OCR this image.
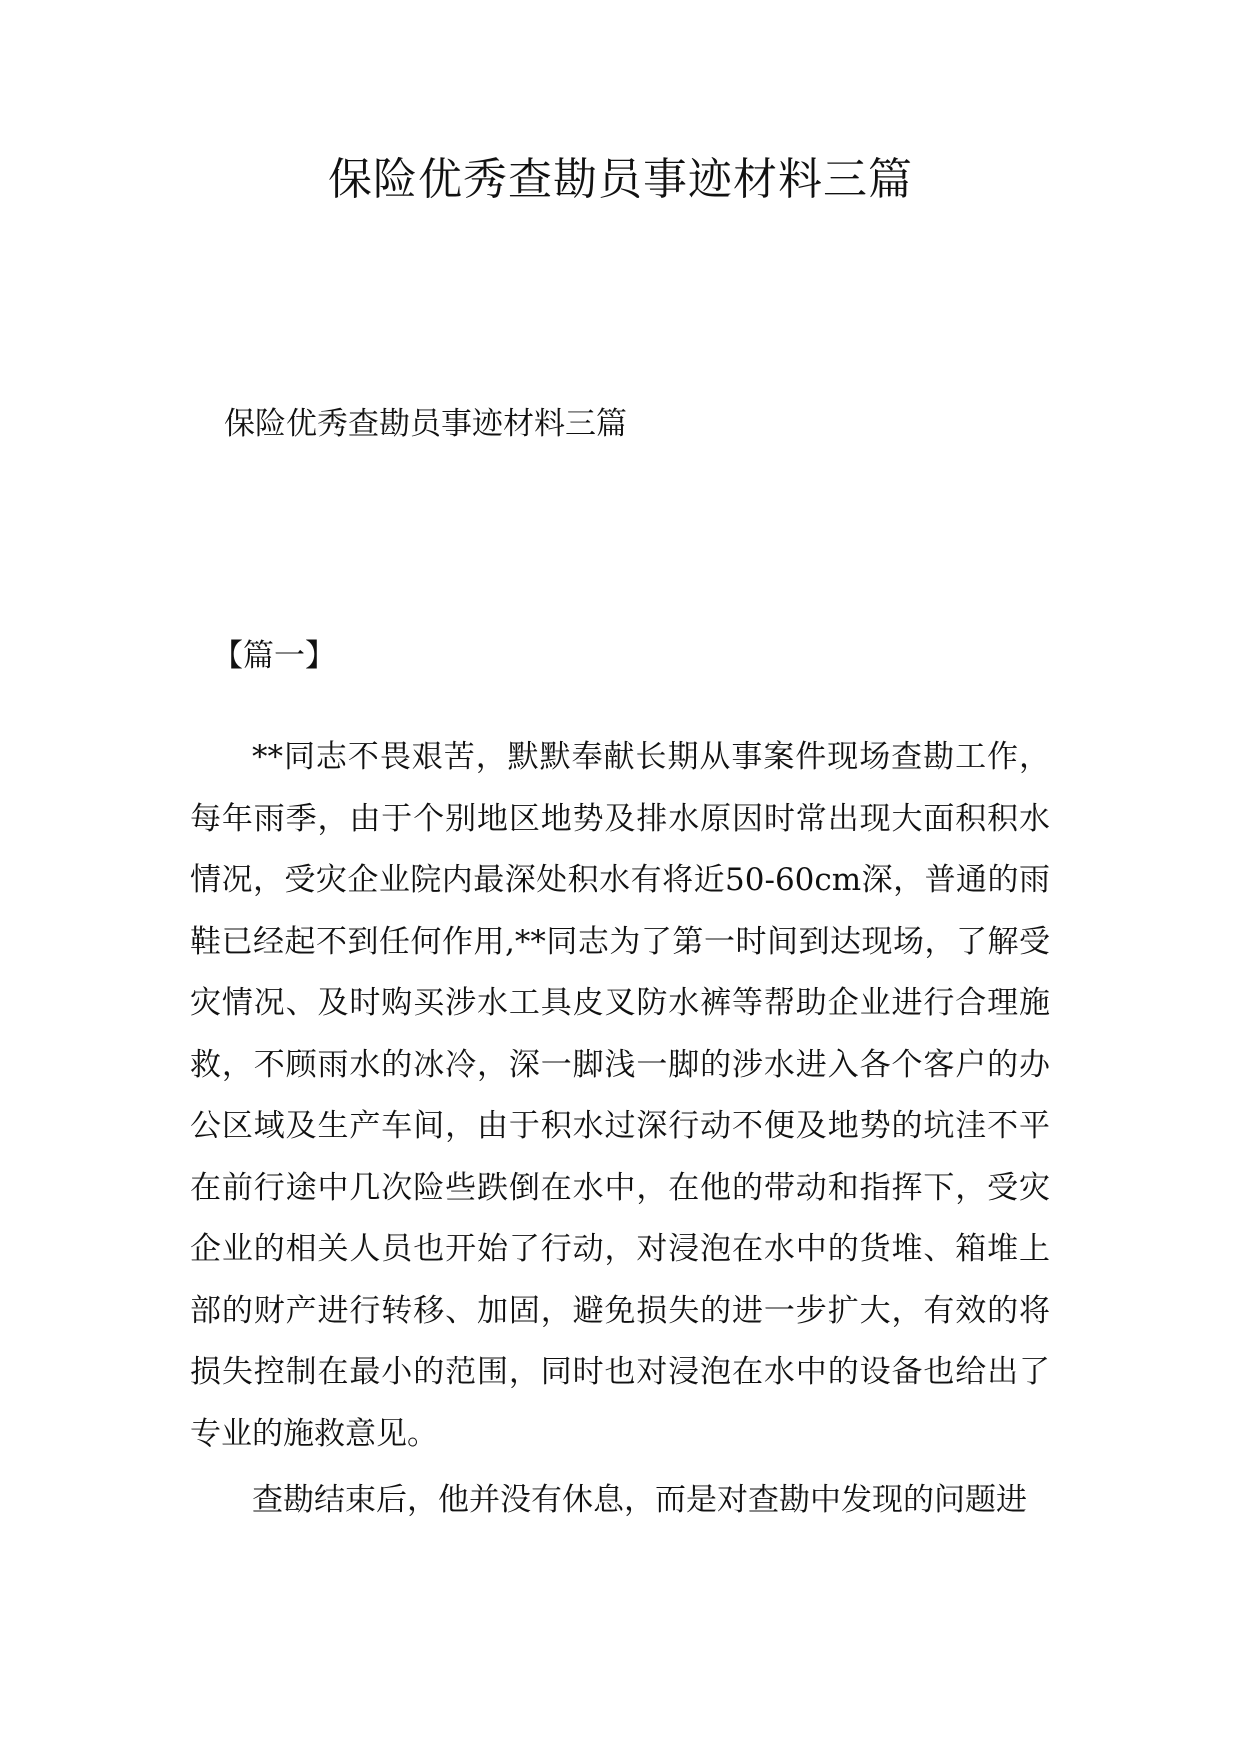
保险优秀查勘员事迹材料三篇
保险优秀查勘员事迹材料三篇
【篇一】

**同志不畏艰苦，默默奉献长期从事案件现场查勘工作，每年雨季，由于个别地区地势及排水原因时常出现大面积积水情况，受灾企业院内最深处积水有将近50-60cm深，普通的雨鞋已经起不到任何作用,**同志为了第一时间到达现场，了解受灾情况、及时购买涉水工具皮叉防水裤等帮助企业进行合理施救，不顾雨水的冰冷，深一脚浅一脚的涉水进入各个客户的办公区域及生产车间，由于积水过深行动不便及地势的坑洼不平在前行途中几次险些跌倒在水中，在他的带动和指挥下，受灾企业的相关人员也开始了行动，对浸泡在水中的货堆、箱堆上部的财产进行转移、加固，避免损失的进一步扩大，有效的将损失控制在最小的范围，同时也对浸泡在水中的设备也给出了专业的施救意见。

查勘结束后，他并没有休息，而是对查勘中发现的问题进
